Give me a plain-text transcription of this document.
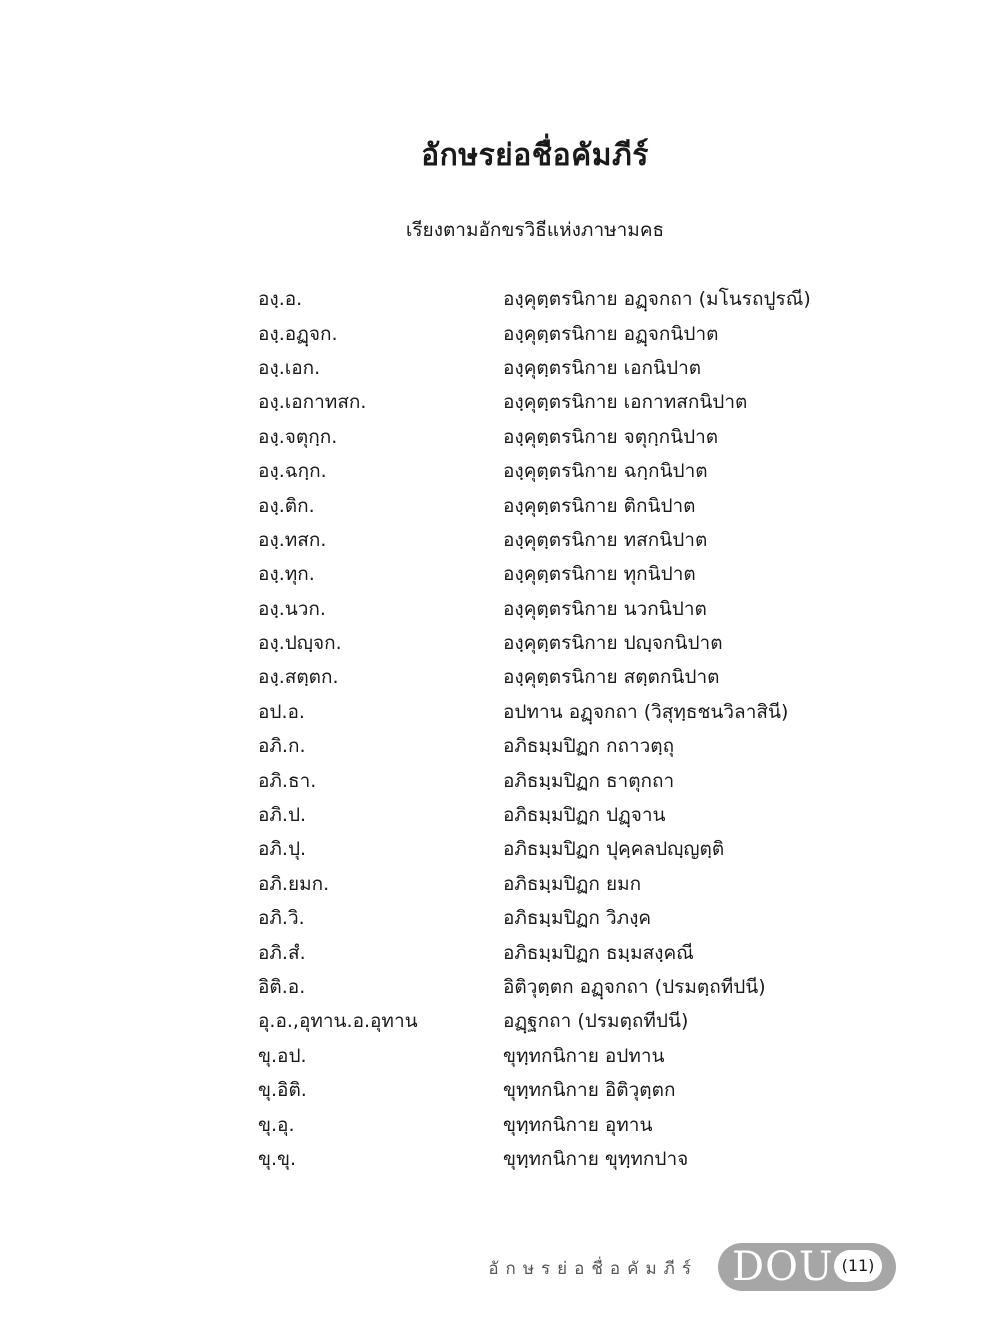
อักษรย่อชื่อคัมภีร์
เรียงตามอักขรวิธีแห่งภาษามคธ
องฺ.อ.	องฺคุตฺตรนิกาย อฏฺจกถา (มโนรถปูรณี)
องฺ.อฏฺจก.	องฺคุตฺตรนิกาย อฏฺจกนิปาต
องฺ.เอก.	องฺคุตฺตรนิกาย เอกนิปาต
องฺ.เอกาทสก.	องฺคุตฺตรนิกาย เอกาทสกนิปาต
องฺ.จตุกฺก.	องฺคุตฺตรนิกาย จตุกฺกนิปาต
องฺ.ฉกฺก.	องฺคุตฺตรนิกาย ฉกฺกนิปาต
องฺ.ติก.	องฺคุตฺตรนิกาย ติกนิปาต
องฺ.ทสก.	องฺคุตฺตรนิกาย ทสกนิปาต
องฺ.ทุก.	องฺคุตฺตรนิกาย ทุกนิปาต
องฺ.นวก.	องฺคุตฺตรนิกาย นวกนิปาต
องฺ.ปญฺจก.	องฺคุตฺตรนิกาย ปญฺจกนิปาต
องฺ.สตฺตก.	องฺคุตฺตรนิกาย สตฺตกนิปาต
อป.อ.	อปทาน อฏฺจกถา (วิสุทฺธชนวิลาสินี)
อภิ.ก.	อภิธมฺมปิฏก กถาวตฺถุ
อภิ.ธา.	อภิธมฺมปิฏก ธาตุกถา
อภิ.ป.	อภิธมฺมปิฏก ปฏฺจาน
อภิ.ปุ.	อภิธมฺมปิฏก ปุคฺคลปญฺญตฺติ
อภิ.ยมก.	อภิธมฺมปิฏก ยมก
อภิ.วิ.	อภิธมฺมปิฏก วิภงฺค
อภิ.สํ.	อภิธมฺมปิฏก ธมฺมสงฺคณี
อิติ.อ.	อิติวุตฺตก อฏฺจกถา (ปรมตฺถทีปนี)
อุ.อ.,อุทาน.อ.อุทาน	อฏฺฐกถา (ปรมตฺถทีปนี)
ขุ.อป.	ขุทฺทกนิกาย อปทาน
ขุ.อิติ.	ขุทฺทกนิกาย อิติวุตฺตก
ขุ.อุ.	ขุทฺทกนิกาย อุทาน
ขุ.ขุ.	ขุทฺทกนิกาย ขุทฺทกปาจ
อักษรย่อชื่อคัมภีร์ DOU (11)
